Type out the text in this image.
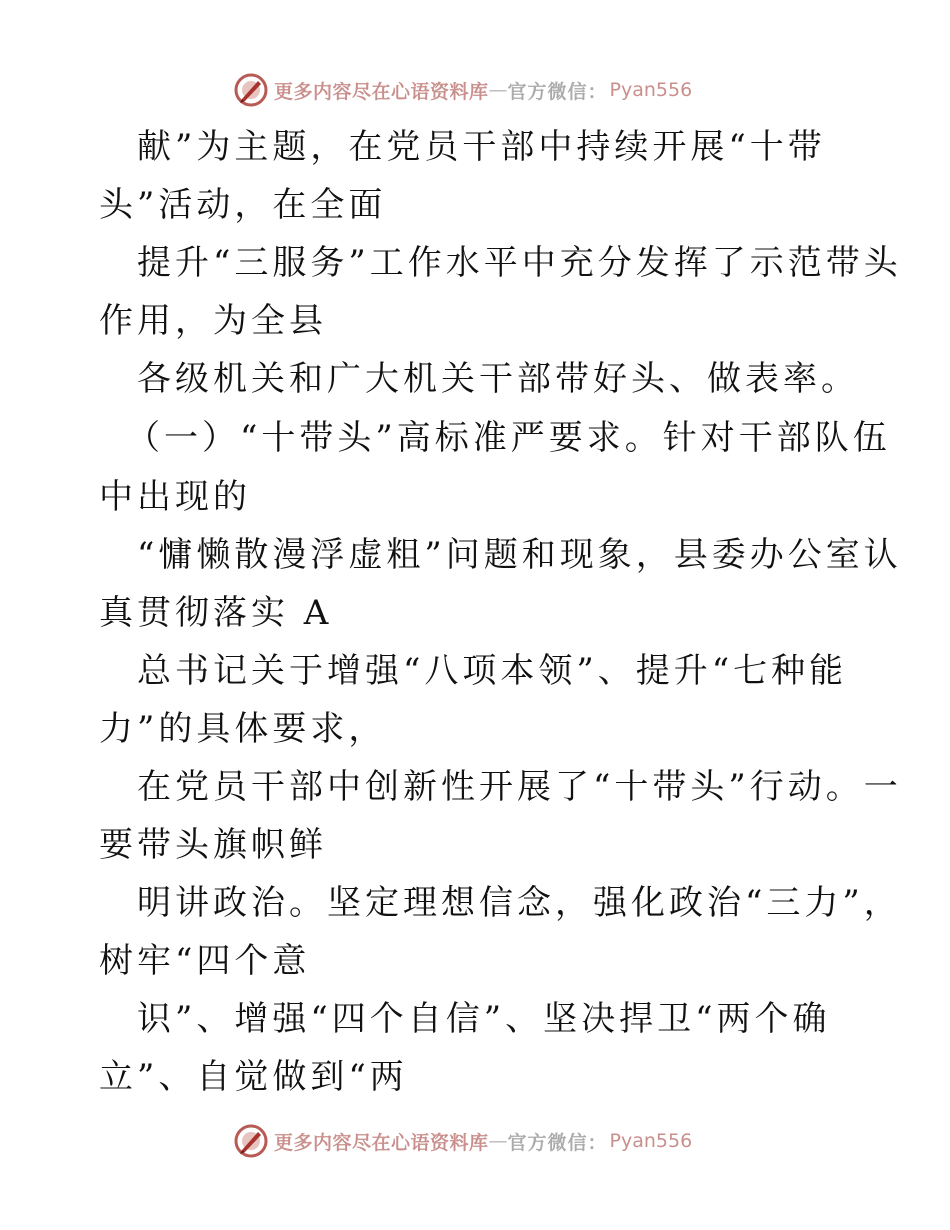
更多内容尽在心语资料库 — 官方微信： Pyan556
献”为主题，在党员干部中持续开展“十带
头”活动，在全面
提升“三服务”工作水平中充分发挥了示范带头
作用，为全县
各级机关和广大机关干部带好头、做表率。
（一）“十带头”高标准严要求。针对干部队伍
中出现的
“慵懒散漫浮虚粗”问题和现象，县委办公室认
真贯彻落实 A
总书记关于增强“八项本领”、提升“七种能
力”的具体要求，
在党员干部中创新性开展了“十带头”行动。一
要带头旗帜鲜
明讲政治。坚定理想信念，强化政治“三力”，
树牢“四个意
识”、增强“四个自信”、坚决捍卫“两个确
立”、自觉做到“两
更多内容尽在心语资料库 — 官方微信： Pyan556
